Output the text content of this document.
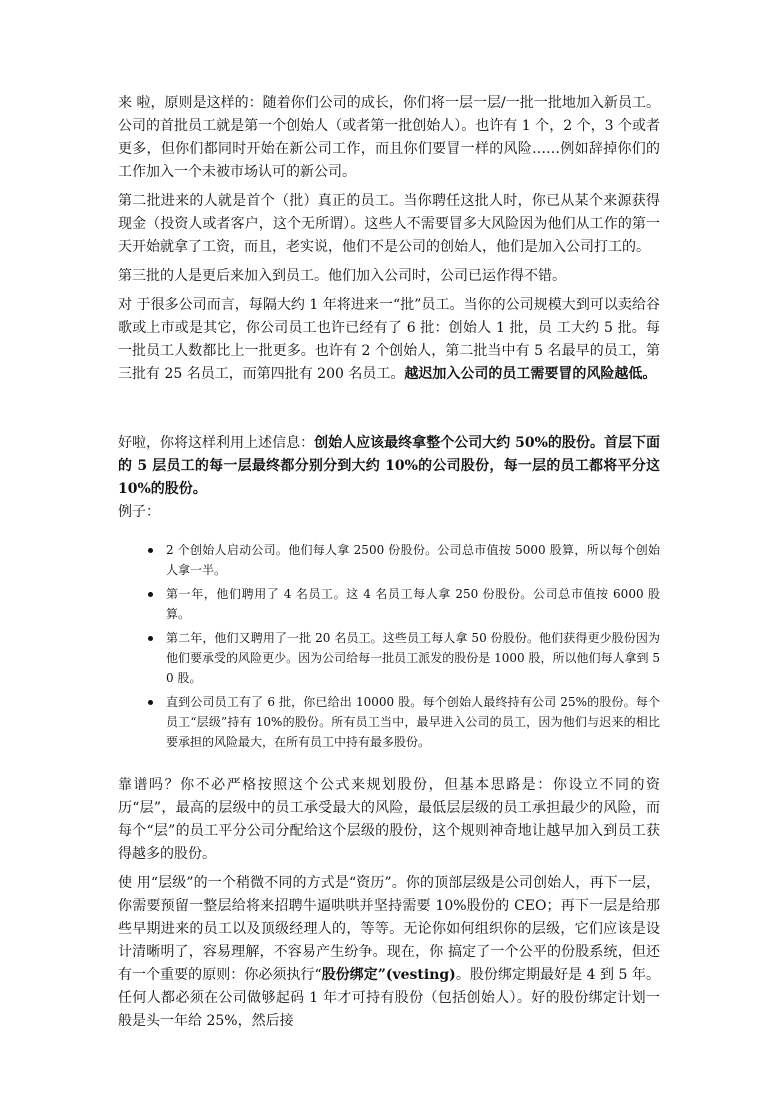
来 啦，原则是这样的：随着你们公司的成长，你们将一层一层/一批一批地加入新员工。公司的首批员工就是第一个创始人（或者第一批创始人）。也许有 1 个，2 个，3 个或者更多，但你们都同时开始在新公司工作，而且你们要冒一样的风险……例如辞掉你们的工作加入一个未被市场认可的新公司。

第二批进来的人就是首个（批）真正的员工。当你聘任这批人时，你已从某个来源获得现金（投资人或者客户，这个无所谓）。这些人不需要冒多大风险因为他们从工作的第一天开始就拿了工资，而且，老实说，他们不是公司的创始人，他们是加入公司打工的。

第三批的人是更后来加入到员工。他们加入公司时，公司已运作得不错。

对 于很多公司而言，每隔大约 1 年将进来一“批”员工。当你的公司规模大到可以卖给谷歌或上市或是其它，你公司员工也许已经有了 6 批：创始人 1 批，员 工大约 5 批。每一批员工人数都比上一批更多。也许有 2 个创始人，第二批当中有 5 名最早的员工，第三批有 25 名员工，而第四批有 200 名员工。越迟加入公司的员工需要冒的风险越低。

好啦，你将这样利用上述信息：创始人应该最终拿整个公司大约 50%的股份。首层下面的 5 层员工的每一层最终都分别分到大约 10%的公司股份，每一层的员工都将平分这 10%的股份。

例子：

2 个创始人启动公司。他们每人拿 2500 份股份。公司总市值按 5000 股算，所以每个创始人拿一半。
第一年，他们聘用了 4 名员工。这 4 名员工每人拿 250 份股份。公司总市值按 6000 股算。
第二年，他们又聘用了一批 20 名员工。这些员工每人拿 50 份股份。他们获得更少股份因为他们要承受的风险更少。因为公司给每一批员工派发的股份是 1000 股，所以他们每人拿到 50 股。
直到公司员工有了 6 批，你已给出 10000 股。每个创始人最终持有公司 25%的股份。每个员工“层级”持有 10%的股份。所有员工当中，最早进入公司的员工，因为他们与迟来的相比要承担的风险最大，在所有员工中持有最多股份。

靠谱吗？你不必严格按照这个公式来规划股份，但基本思路是：你设立不同的资历“层”，最高的层级中的员工承受最大的风险，最低层层级的员工承担最少的风险，而每个“层”的员工平分公司分配给这个层级的股份，这个规则神奇地让越早加入到员工获得越多的股份。

使 用“层级”的一个稍微不同的方式是“资历”。你的顶部层级是公司创始人，再下一层，你需要预留一整层给将来招聘牛逼哄哄并坚持需要 10%股份的 CEO；再下一层是给那些早期进来的员工以及顶级经理人的，等等。无论你如何组织你的层级，它们应该是设计清晰明了，容易理解，不容易产生纷争。现在，你 搞定了一个公平的份股系统，但还有一个重要的原则：你必须执行“股份绑定”(vesting)。股份绑定期最好是 4 到 5 年。任何人都必须在公司做够起码 1 年才可持有股份（包括创始人）。好的股份绑定计划一般是头一年给 25%，然后接
